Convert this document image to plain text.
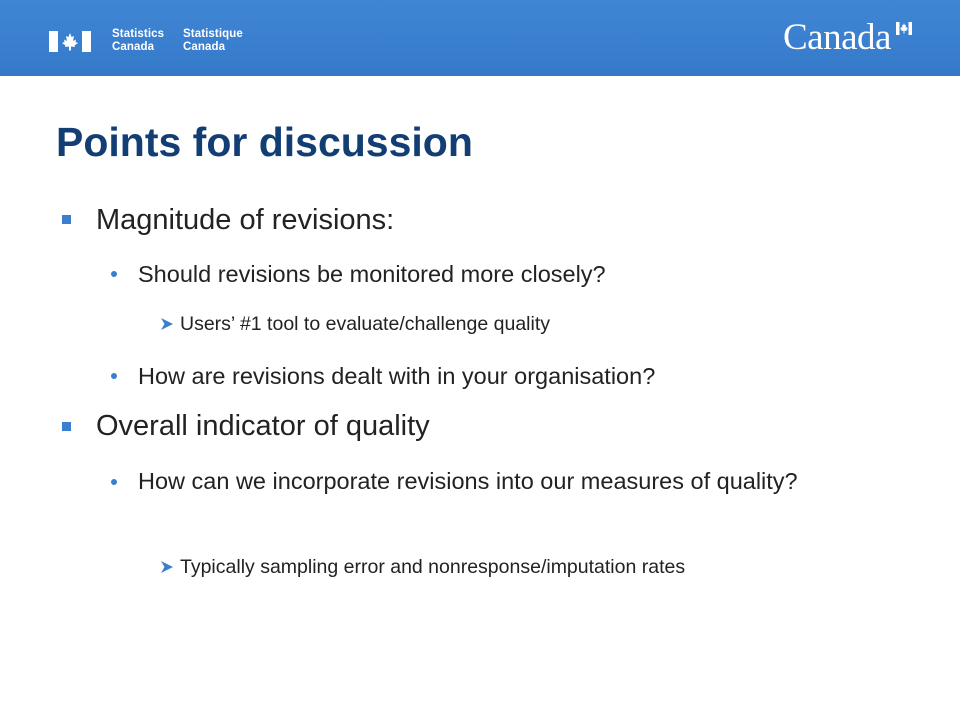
Statistics
Canada
Statistique
Canada	Canada
Points for discussion
Magnitude of revisions:
Should revisions be monitored more closely?
Users’ #1 tool to evaluate/challenge quality
How are revisions dealt with in your organisation?
Overall indicator of quality
How can we incorporate revisions into our measures of quality?
Typically sampling error and nonresponse/imputation rates
